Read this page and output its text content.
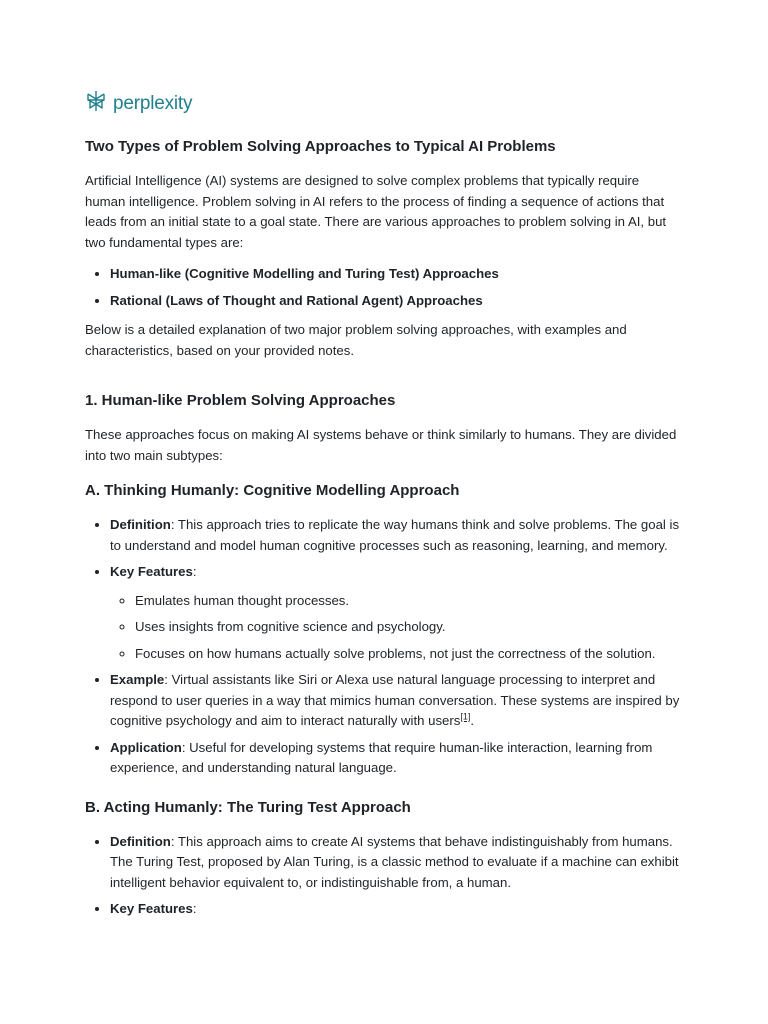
perplexity
Two Types of Problem Solving Approaches to Typical AI Problems

Artificial Intelligence (AI) systems are designed to solve complex problems that typically require human intelligence. Problem solving in AI refers to the process of finding a sequence of actions that leads from an initial state to a goal state. There are various approaches to problem solving in AI, but two fundamental types are:

• Human-like (Cognitive Modelling and Turing Test) Approaches
• Rational (Laws of Thought and Rational Agent) Approaches

Below is a detailed explanation of two major problem solving approaches, with examples and characteristics, based on your provided notes.

1. Human-like Problem Solving Approaches

These approaches focus on making AI systems behave or think similarly to humans. They are divided into two main subtypes:

A. Thinking Humanly: Cognitive Modelling Approach
• Definition: This approach tries to replicate the way humans think and solve problems. The goal is to understand and model human cognitive processes such as reasoning, learning, and memory.
• Key Features:
◦ Emulates human thought processes.
◦ Uses insights from cognitive science and psychology.
◦ Focuses on how humans actually solve problems, not just the correctness of the solution.
• Example: Virtual assistants like Siri or Alexa use natural language processing to interpret and respond to user queries in a way that mimics human conversation. These systems are inspired by cognitive psychology and aim to interact naturally with users[1].
• Application: Useful for developing systems that require human-like interaction, learning from experience, and understanding natural language.
B. Acting Humanly: The Turing Test Approach
• Definition: This approach aims to create AI systems that behave indistinguishably from humans. The Turing Test, proposed by Alan Turing, is a classic method to evaluate if a machine can exhibit intelligent behavior equivalent to, or indistinguishable from, a human.
• Key Features:
